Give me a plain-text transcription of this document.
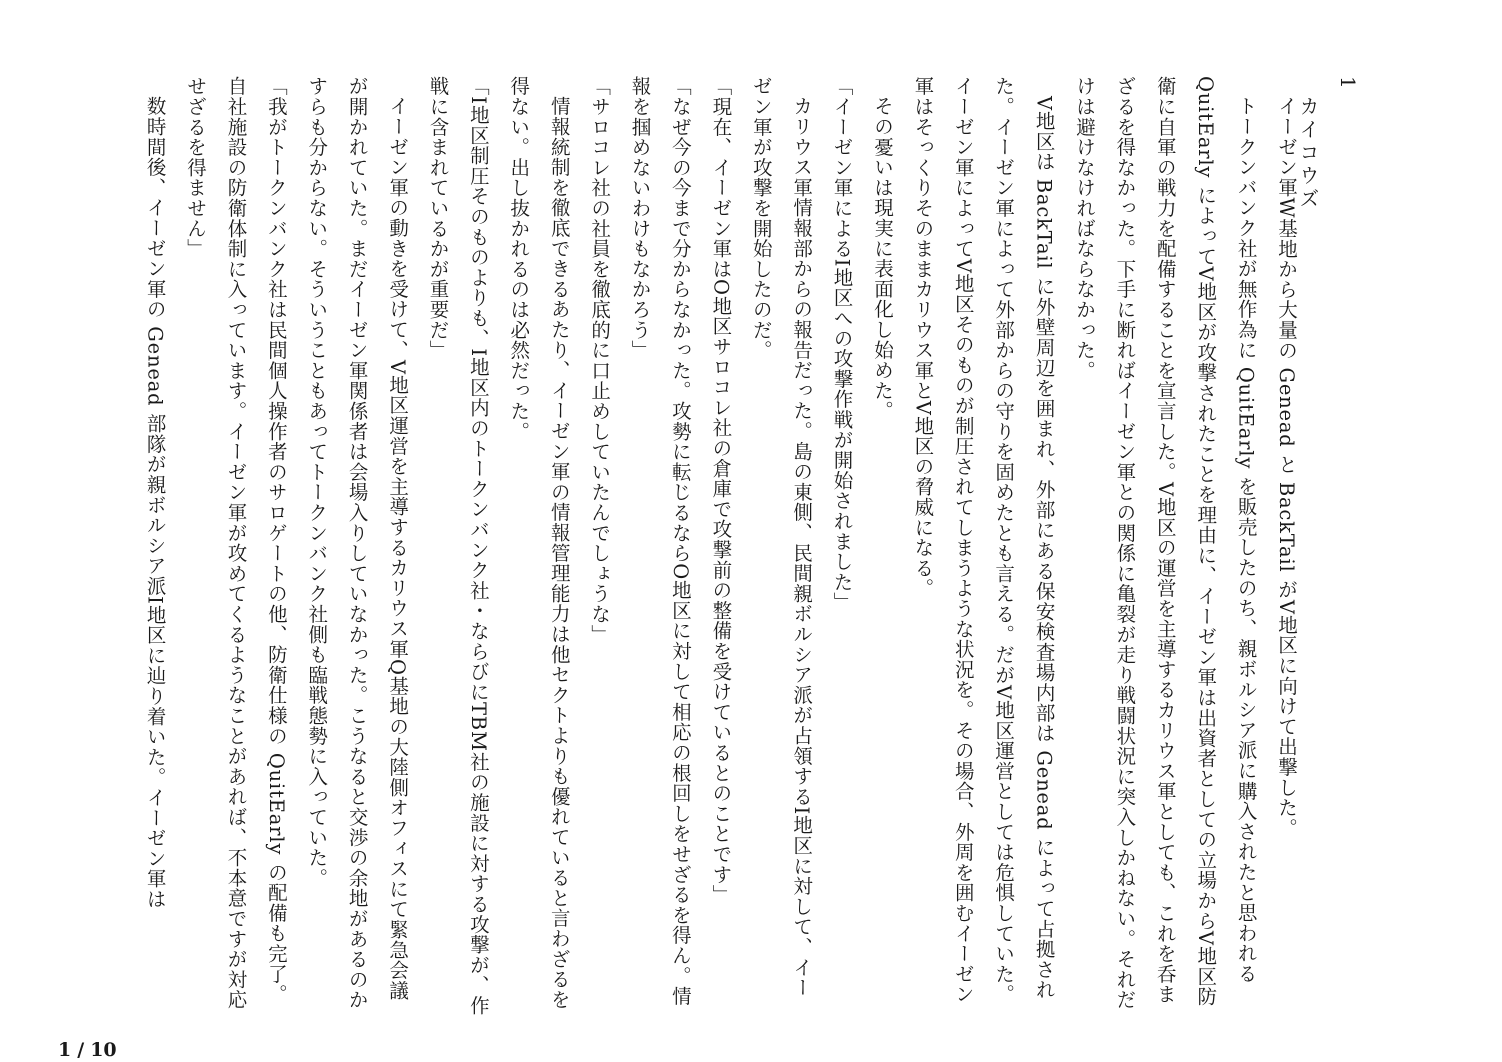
1
カイコウズ

イーゼン軍W基地から大量の Genead と BackTail がV地区に向けて出撃した。

トークンバンク社が無作為に QuitEarly を販売したのち、親ボルシア派に購入されたと思われる QuitEarly によってV地区が攻撃されたことを理由に、イーゼン軍は出資者としての立場からV地区防衛に自軍の戦力を配備することを宣言した。V地区の運営を主導するカリウス軍としても、これを呑まざるを得なかった。下手に断ればイーゼン軍との関係に亀裂が走り戦闘状況に突入しかねない。それだけは避けなければならなかった。

V地区は BackTail に外壁周辺を囲まれ、外部にある保安検査場内部は Genead によって占拠された。イーゼン軍によって外部からの守りを固めたとも言える。だがV地区運営としては危惧していた。イーゼン軍によってV地区そのものが制圧されてしまうような状況を。その場合、外周を囲むイーゼン軍はそっくりそのままカリウス軍とV地区の脅威になる。

その憂いは現実に表面化し始めた。

「イーゼン軍によるI地区への攻撃作戦が開始されました」

カリウス軍情報部からの報告だった。島の東側、民間親ボルシア派が占領するI地区に対して、イーゼン軍が攻撃を開始したのだ。

「現在、イーゼン軍はO地区サロコレ社の倉庫で攻撃前の整備を受けているとのことです」

「なぜ今の今まで分からなかった。攻勢に転じるならO地区に対して相応の根回しをせざるを得ん。情報を掴めないわけもなかろう」

「サロコレ社の社員を徹底的に口止めしていたんでしょうな」

情報統制を徹底できるあたり、イーゼン軍の情報管理能力は他セクトよりも優れていると言わざるを得ない。出し抜かれるのは必然だった。

「I地区制圧そのものよりも、I地区内のトークンバンク社・ならびにTBM社の施設に対する攻撃が、作戦に含まれているかが重要だ」

イーゼン軍の動きを受けて、V地区運営を主導するカリウス軍Q基地の大陸側オフィスにて緊急会議が開かれていた。まだイーゼン軍関係者は会場入りしていなかった。こうなると交渉の余地があるのかすらも分からない。そういうこともあってトークンバンク社側も臨戦態勢に入っていた。

「我がトークンバンク社は民間個人操作者のサロゲートの他、防衛仕様の QuitEarly の配備も完了。自社施設の防衛体制に入っています。イーゼン軍が攻めてくるようなことがあれば、不本意ですが対応せざるを得ません」

数時間後、イーゼン軍の Genead 部隊が親ボルシア派I地区に辿り着いた。イーゼン軍は

1 / 10
